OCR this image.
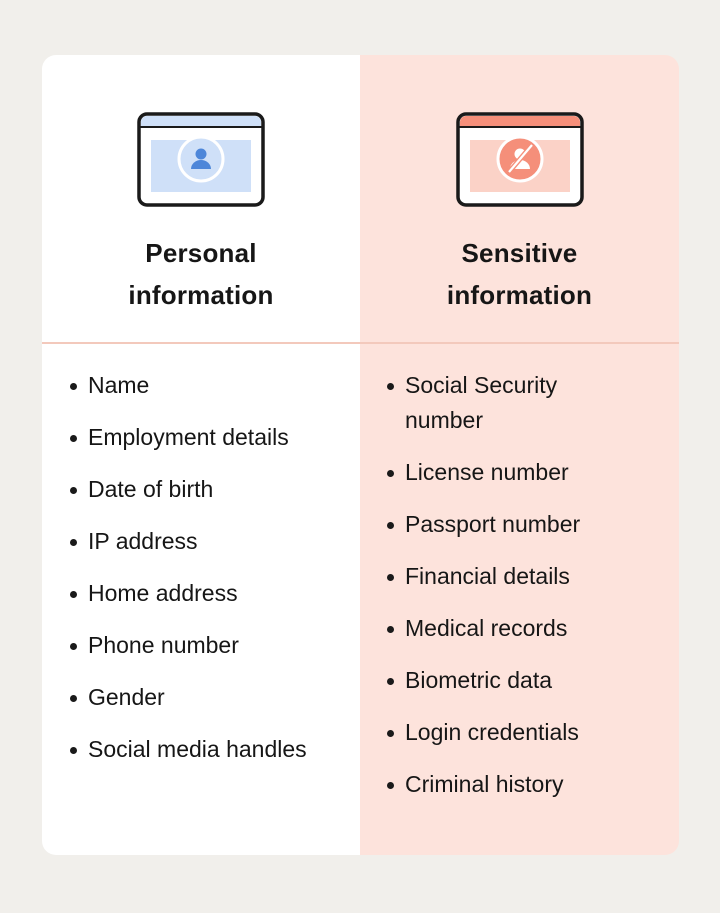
Personal
information
Name
Employment details
Date of birth
IP address
Home address
Phone number
Gender
Social media handles
Sensitive
information
Social Security number
License number
Passport number
Financial details
Medical records
Biometric data
Login credentials
Criminal history
